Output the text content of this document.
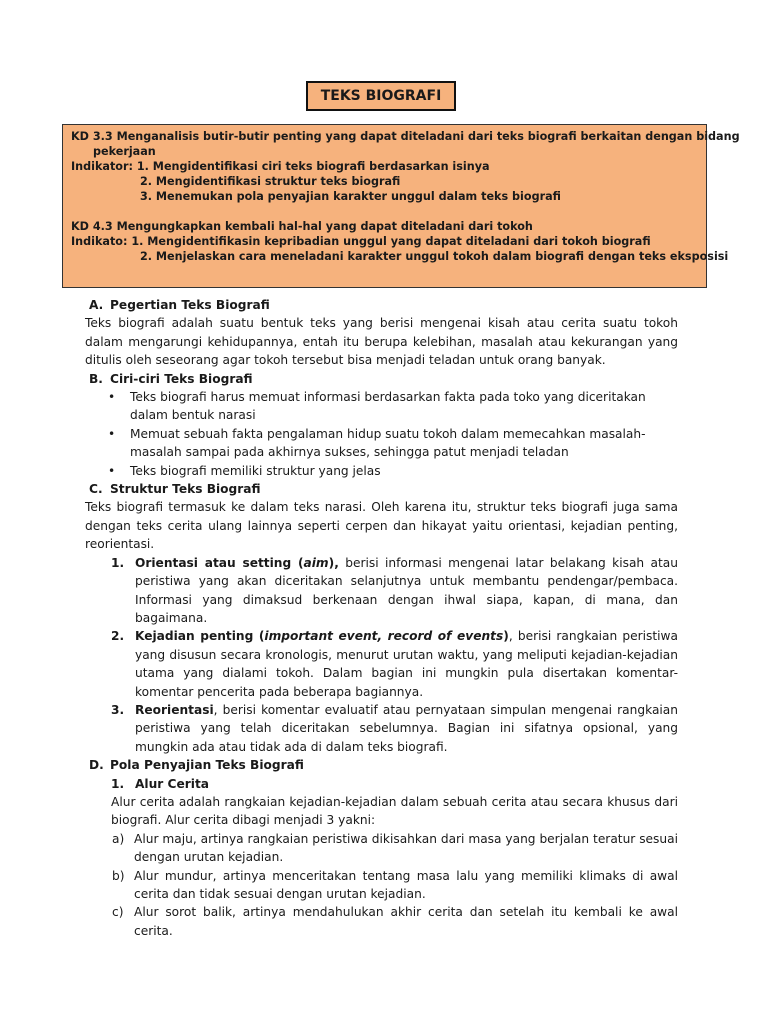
TEKS BIOGRAFI
KD 3.3 Menganalisis butir-butir penting yang dapat diteladani dari teks biografi berkaitan dengan bidang
pekerjaan
Indikator: 1. Mengidentifikasi ciri teks biografi berdasarkan isinya
2. Mengidentifikasi struktur teks biografi
3. Menemukan pola penyajian karakter unggul dalam teks biografi
KD 4.3 Mengungkapkan kembali hal-hal yang dapat diteladani dari tokoh
Indikato: 1. Mengidentifikasin kepribadian unggul yang dapat diteladani dari tokoh biografi
2. Menjelaskan cara meneladani karakter unggul tokoh dalam biografi dengan teks eksposisi
A. Pegertian Teks Biografi
Teks biografi adalah suatu bentuk teks yang berisi mengenai kisah atau cerita suatu tokoh dalam mengarungi kehidupannya, entah itu berupa kelebihan, masalah atau kekurangan yang ditulis oleh seseorang agar tokoh tersebut bisa menjadi teladan untuk orang banyak.
B. Ciri-ciri Teks Biografi
• Teks biografi harus memuat informasi berdasarkan fakta pada toko yang diceritakan dalam bentuk narasi
• Memuat sebuah fakta pengalaman hidup suatu tokoh dalam memecahkan masalah-masalah sampai pada akhirnya sukses, sehingga patut menjadi teladan
• Teks biografi memiliki struktur yang jelas
C. Struktur Teks Biografi
Teks biografi termasuk ke dalam teks narasi. Oleh karena itu, struktur teks biografi juga sama dengan teks cerita ulang lainnya seperti cerpen dan hikayat yaitu orientasi, kejadian penting, reorientasi.
1. Orientasi atau setting (aim), berisi informasi mengenai latar belakang kisah atau peristiwa yang akan diceritakan selanjutnya untuk membantu pendengar/pembaca. Informasi yang dimaksud berkenaan dengan ihwal siapa, kapan, di mana, dan bagaimana.
2. Kejadian penting (important event, record of events), berisi rangkaian peristiwa yang disusun secara kronologis, menurut urutan waktu, yang meliputi kejadian-kejadian utama yang dialami tokoh. Dalam bagian ini mungkin pula disertakan komentar-komentar pencerita pada beberapa bagiannya.
3. Reorientasi, berisi komentar evaluatif atau pernyataan simpulan mengenai rangkaian peristiwa yang telah diceritakan sebelumnya. Bagian ini sifatnya opsional, yang mungkin ada atau tidak ada di dalam teks biografi.
D. Pola Penyajian Teks Biografi
1. Alur Cerita
Alur cerita adalah rangkaian kejadian-kejadian dalam sebuah cerita atau secara khusus dari biografi. Alur cerita dibagi menjadi 3 yakni:
a) Alur maju, artinya rangkaian peristiwa dikisahkan dari masa yang berjalan teratur sesuai dengan urutan kejadian.
b) Alur mundur, artinya menceritakan tentang masa lalu yang memiliki klimaks di awal cerita dan tidak sesuai dengan urutan kejadian.
c) Alur sorot balik, artinya mendahulukan akhir cerita dan setelah itu kembali ke awal cerita.
